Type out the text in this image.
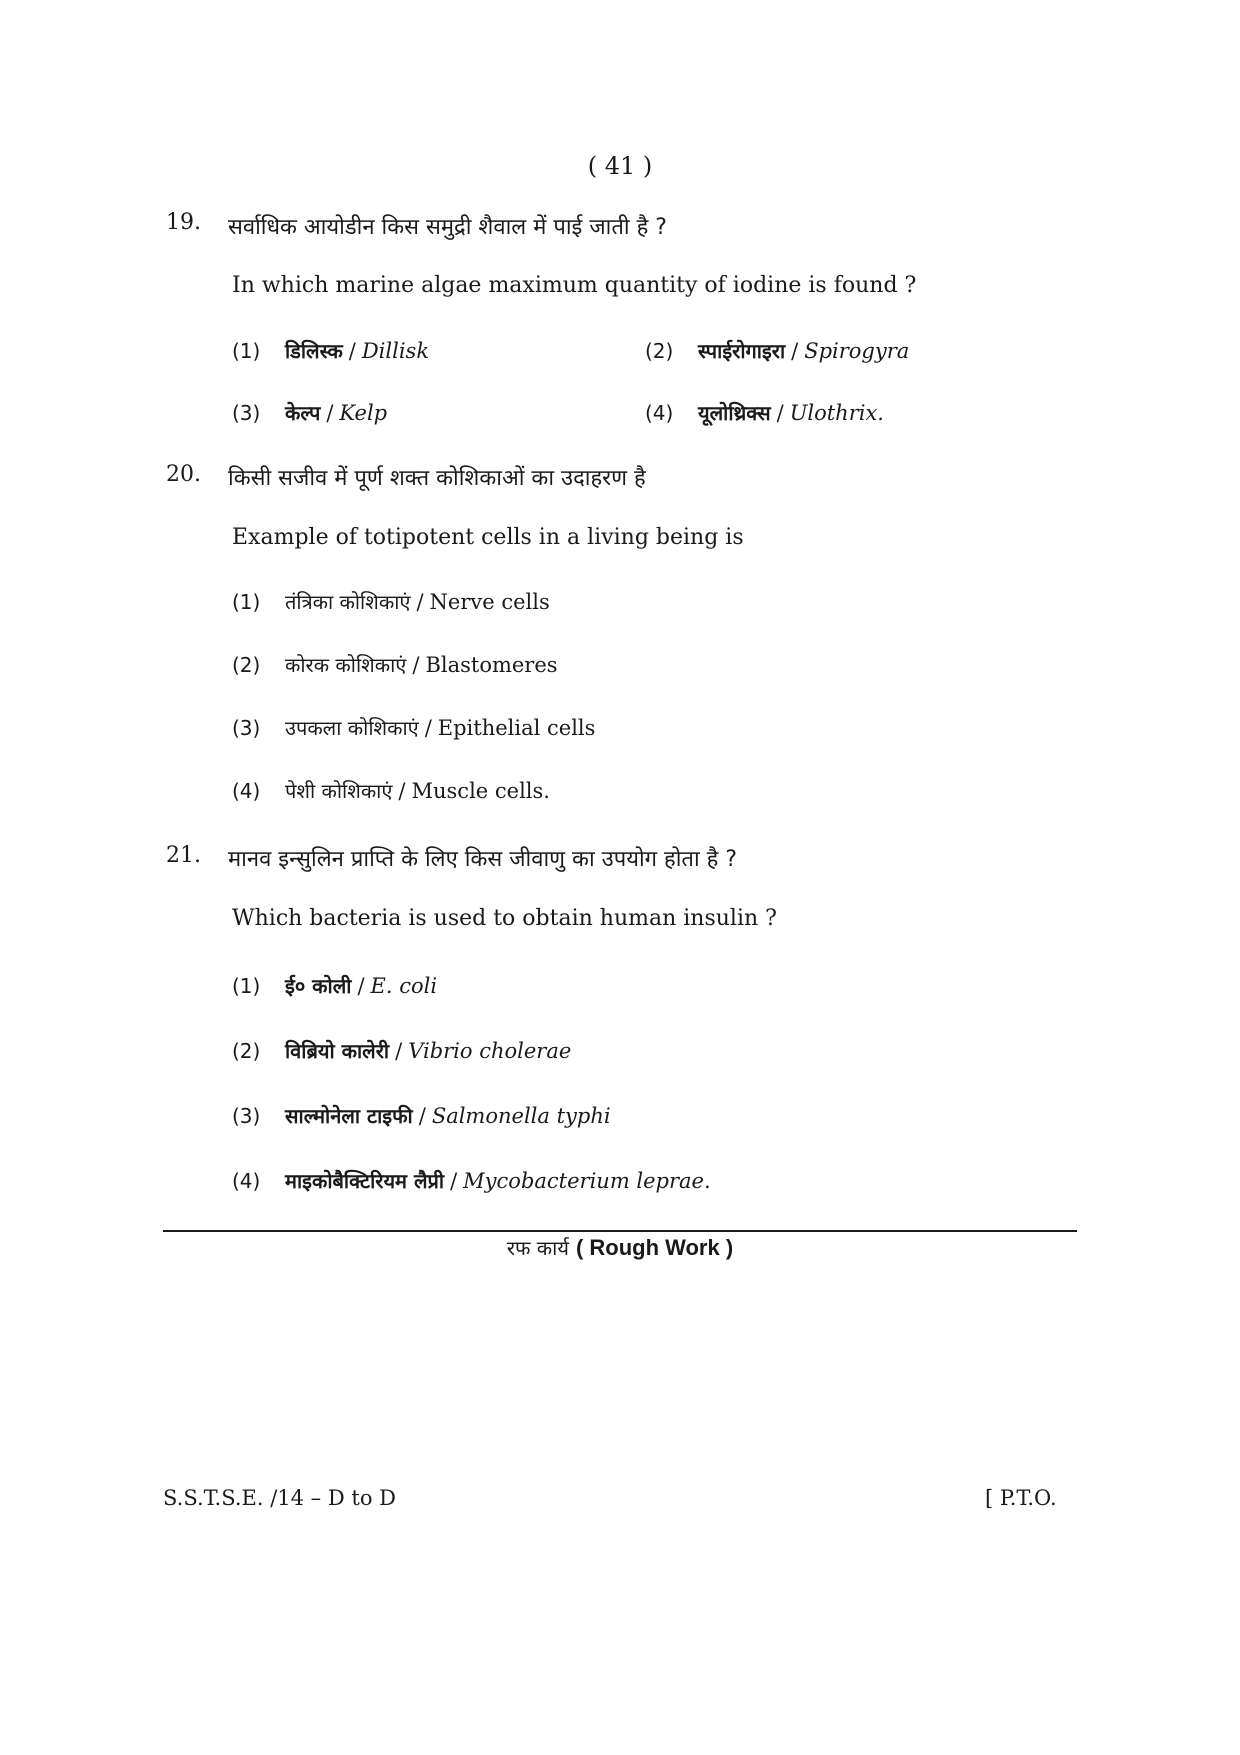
( 41 )
19. सर्वाधिक आयोडीन किस समुद्री शैवाल में पाई जाती है ?
In which marine algae maximum quantity of iodine is found ?
(1) डिलिस्क / Dillisk	(2) स्पाईरोगाइरा / Spirogyra
(3) केल्प / Kelp	(4) यूलोथ्रिक्स / Ulothrix.
20. किसी सजीव में पूर्ण शक्त कोशिकाओं का उदाहरण है
Example of totipotent cells in a living being is
(1) तंत्रिका कोशिकाएं / Nerve cells
(2) कोरक कोशिकाएं / Blastomeres
(3) उपकला कोशिकाएं / Epithelial cells
(4) पेशी कोशिकाएं / Muscle cells.
21. मानव इन्सुलिन प्राप्ति के लिए किस जीवाणु का उपयोग होता है ?
Which bacteria is used to obtain human insulin ?
(1) ई० कोली / E. coli
(2) विब्रियो कालेरी / Vibrio cholerae
(3) साल्मोनेला टाइफी / Salmonella typhi
(4) माइकोबैक्टिरियम लैप्री / Mycobacterium leprae.
रफ कार्य ( Rough Work )
S.S.T.S.E. /14 – D to D	[ P.T.O.
